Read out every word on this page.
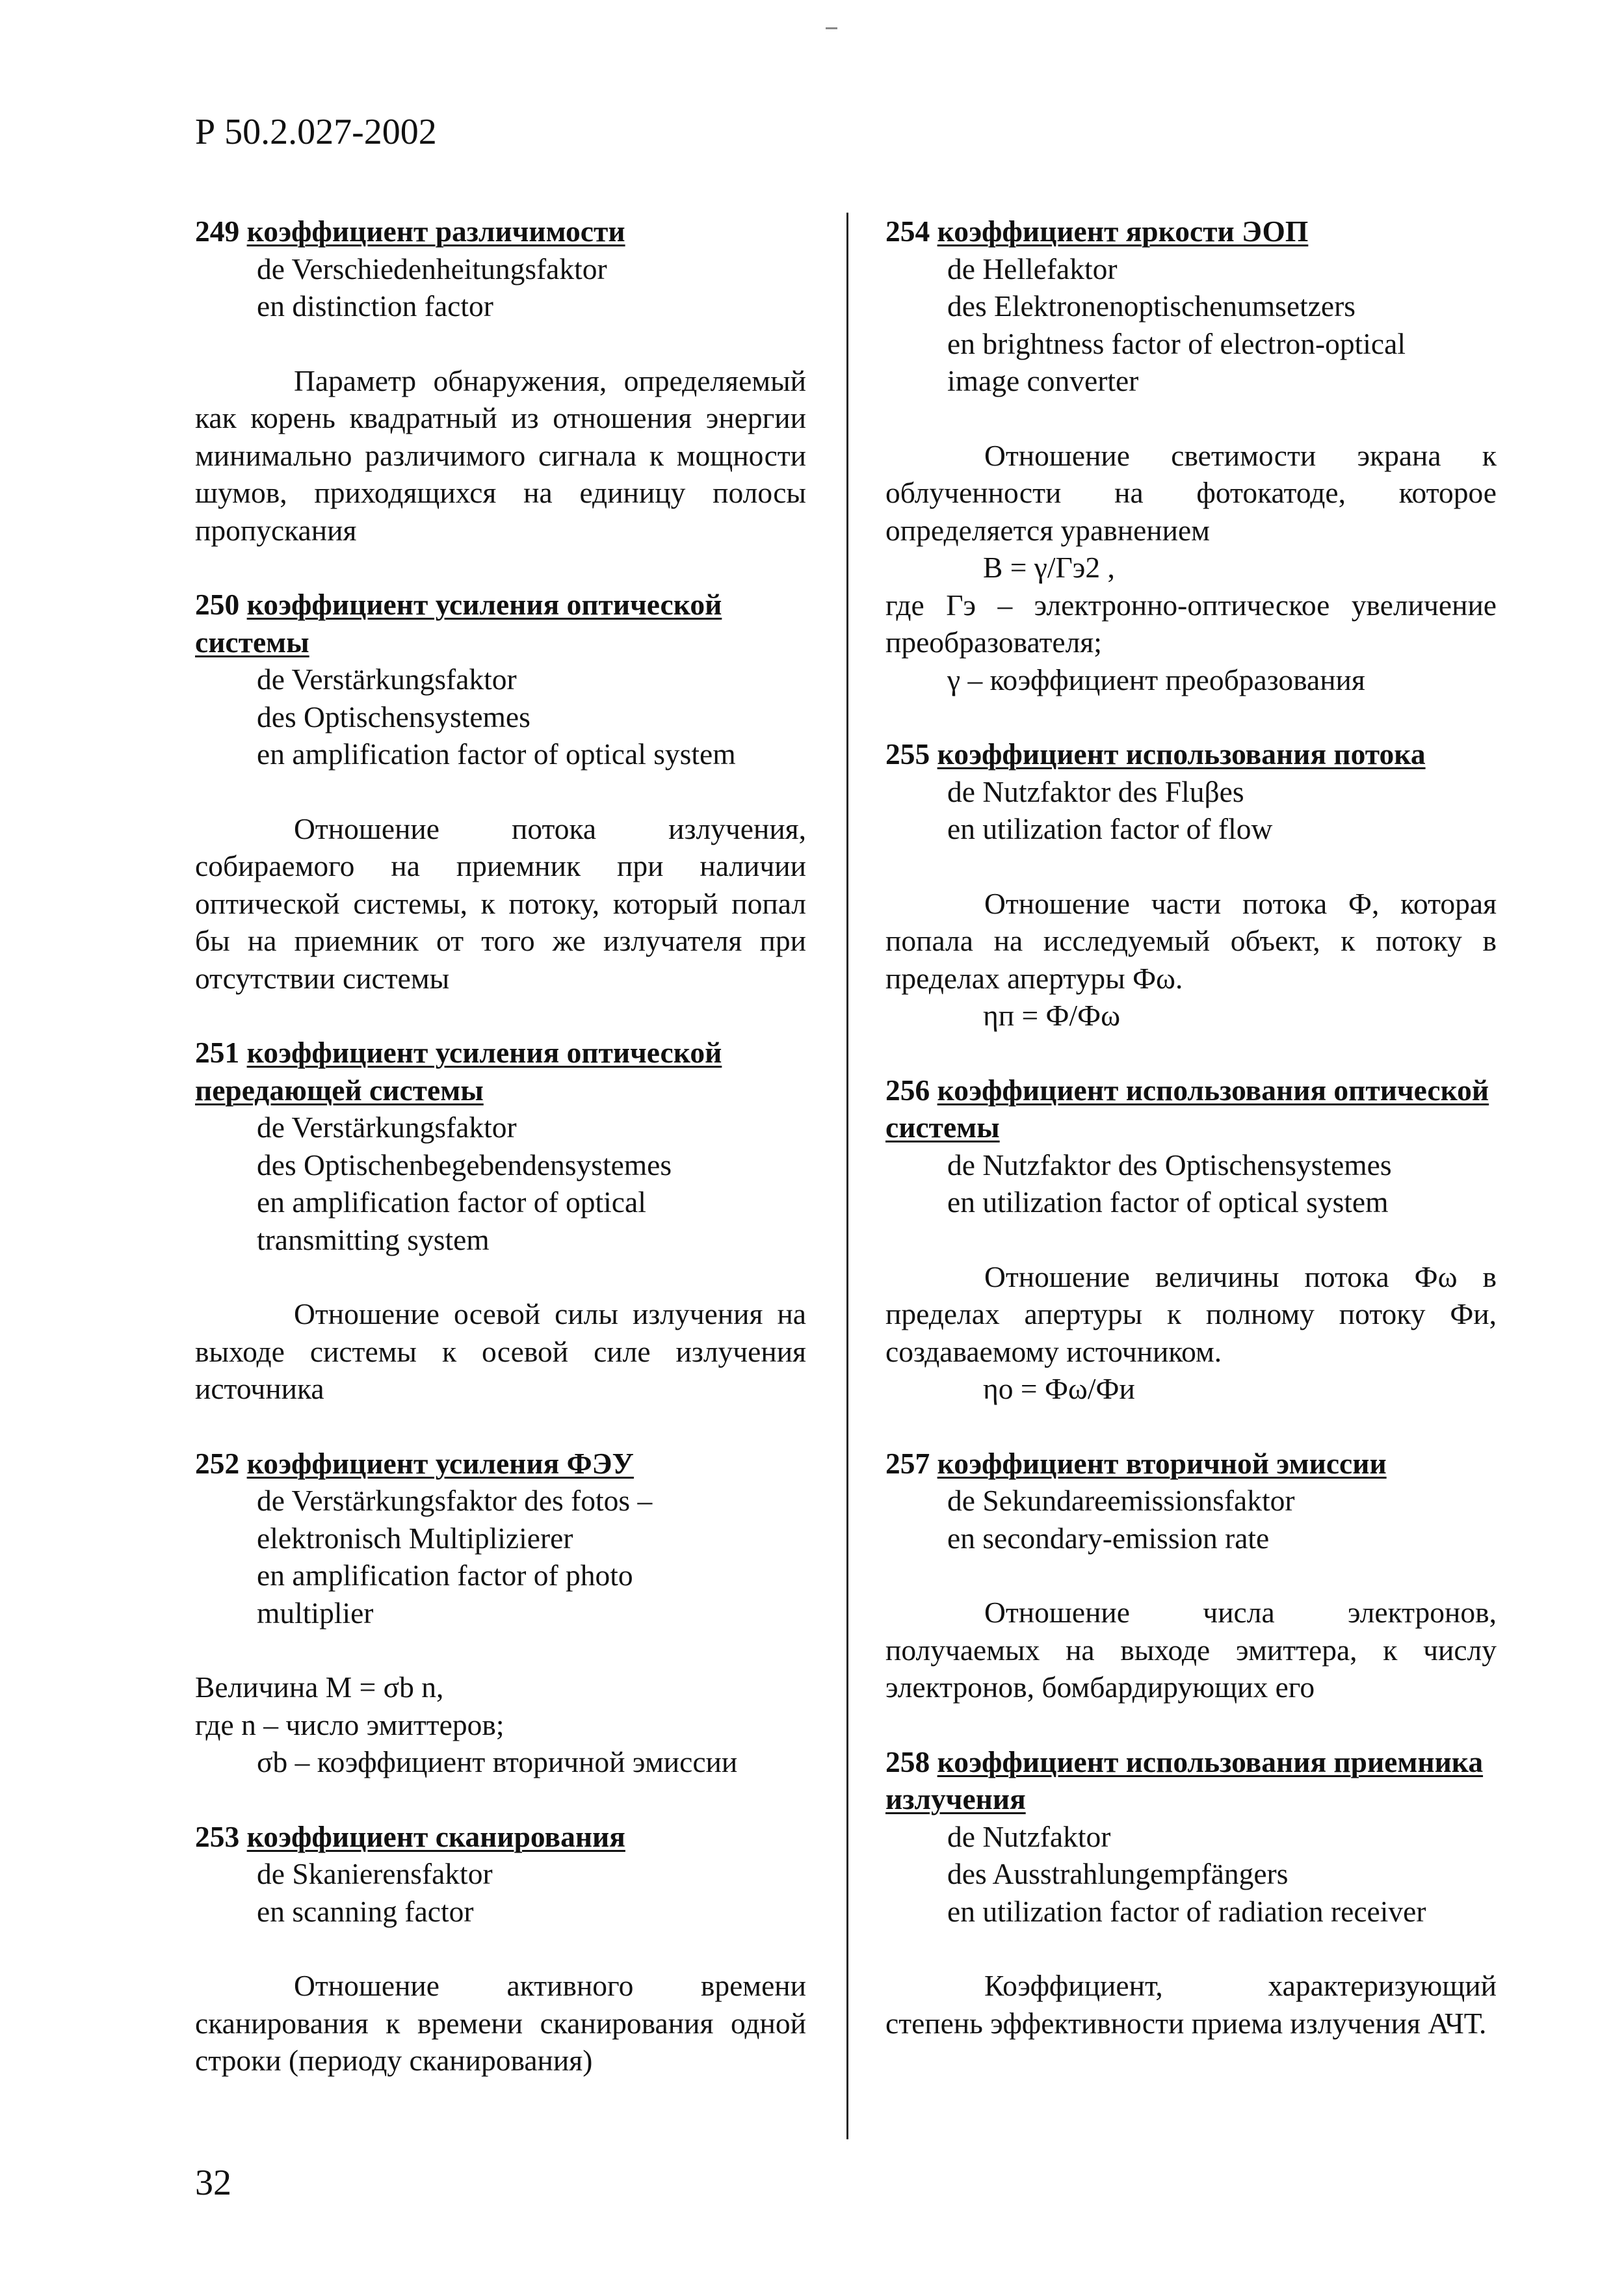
Р 50.2.027-2002

249 коэффициент различимости

de Verschiedenheitungsfaktor

en distinction factor

Параметр обнаружения, определяемый как корень квадратный из отношения энергии минимально различимого сигнала к мощности шумов, приходящихся на единицу полосы пропускания

250 коэффициент усиления оптической системы

de Verstärkungsfaktor

des Optischensystemes

en amplification factor of optical system

Отношение потока излучения, собираемого на приемник при наличии оптической системы, к потоку, который попал бы на приемник от того же излучателя при отсутствии системы

251 коэффициент усиления оптической передающей системы

de Verstärkungsfaktor

des Optischenbegebendensystemes

en amplification factor of optical

transmitting system

Отношение осевой силы излучения на выходе системы к осевой силе излучения источника

252 коэффициент усиления ФЭУ

de Verstärkungsfaktor des fotos –

elektronisch Multiplizierer

en amplification factor of photo

multiplier

Величина M = σb n,

где n – число эмиттеров;

σb – коэффициент вторичной эмиссии

253 коэффициент сканирования

de Skanierensfaktor

en scanning factor

Отношение активного времени сканирования к времени сканирования одной строки (периоду сканирования)

254 коэффициент яркости ЭОП

de Hellefaktor

des Elektronenoptischenumsetzers

en brightness factor of electron-optical

image converter

Отношение светимости экрана к облученности на фотокатоде, которое определяется уравнением

B = γ/Гэ2 ,

где Гэ – электронно-оптическое увеличение преобразователя;

γ – коэффициент преобразования

255 коэффициент использования потока

de Nutzfaktor des Fluβes

en utilization factor of flow

Отношение части потока Ф, которая попала на исследуемый объект, к потоку в пределах апертуры Фω.

ηп = Ф/Фω

256 коэффициент использования оптической системы

de Nutzfaktor des Optischensystemes

en utilization factor of optical system

Отношение величины потока Фω в пределах апертуры к полному потоку Фи, создаваемому источником.

ηо = Фω/Фи

257 коэффициент вторичной эмиссии

de Sekundareemissionsfaktor

en secondary-emission rate

Отношение числа электронов, получаемых на выходе эмиттера, к числу электронов, бомбардирующих его

258 коэффициент использования приемника излучения

de Nutzfaktor

des Ausstrahlungempfängers

en utilization factor of radiation receiver

Коэффициент, характеризующий степень эффективности приема излучения АЧТ.

32
